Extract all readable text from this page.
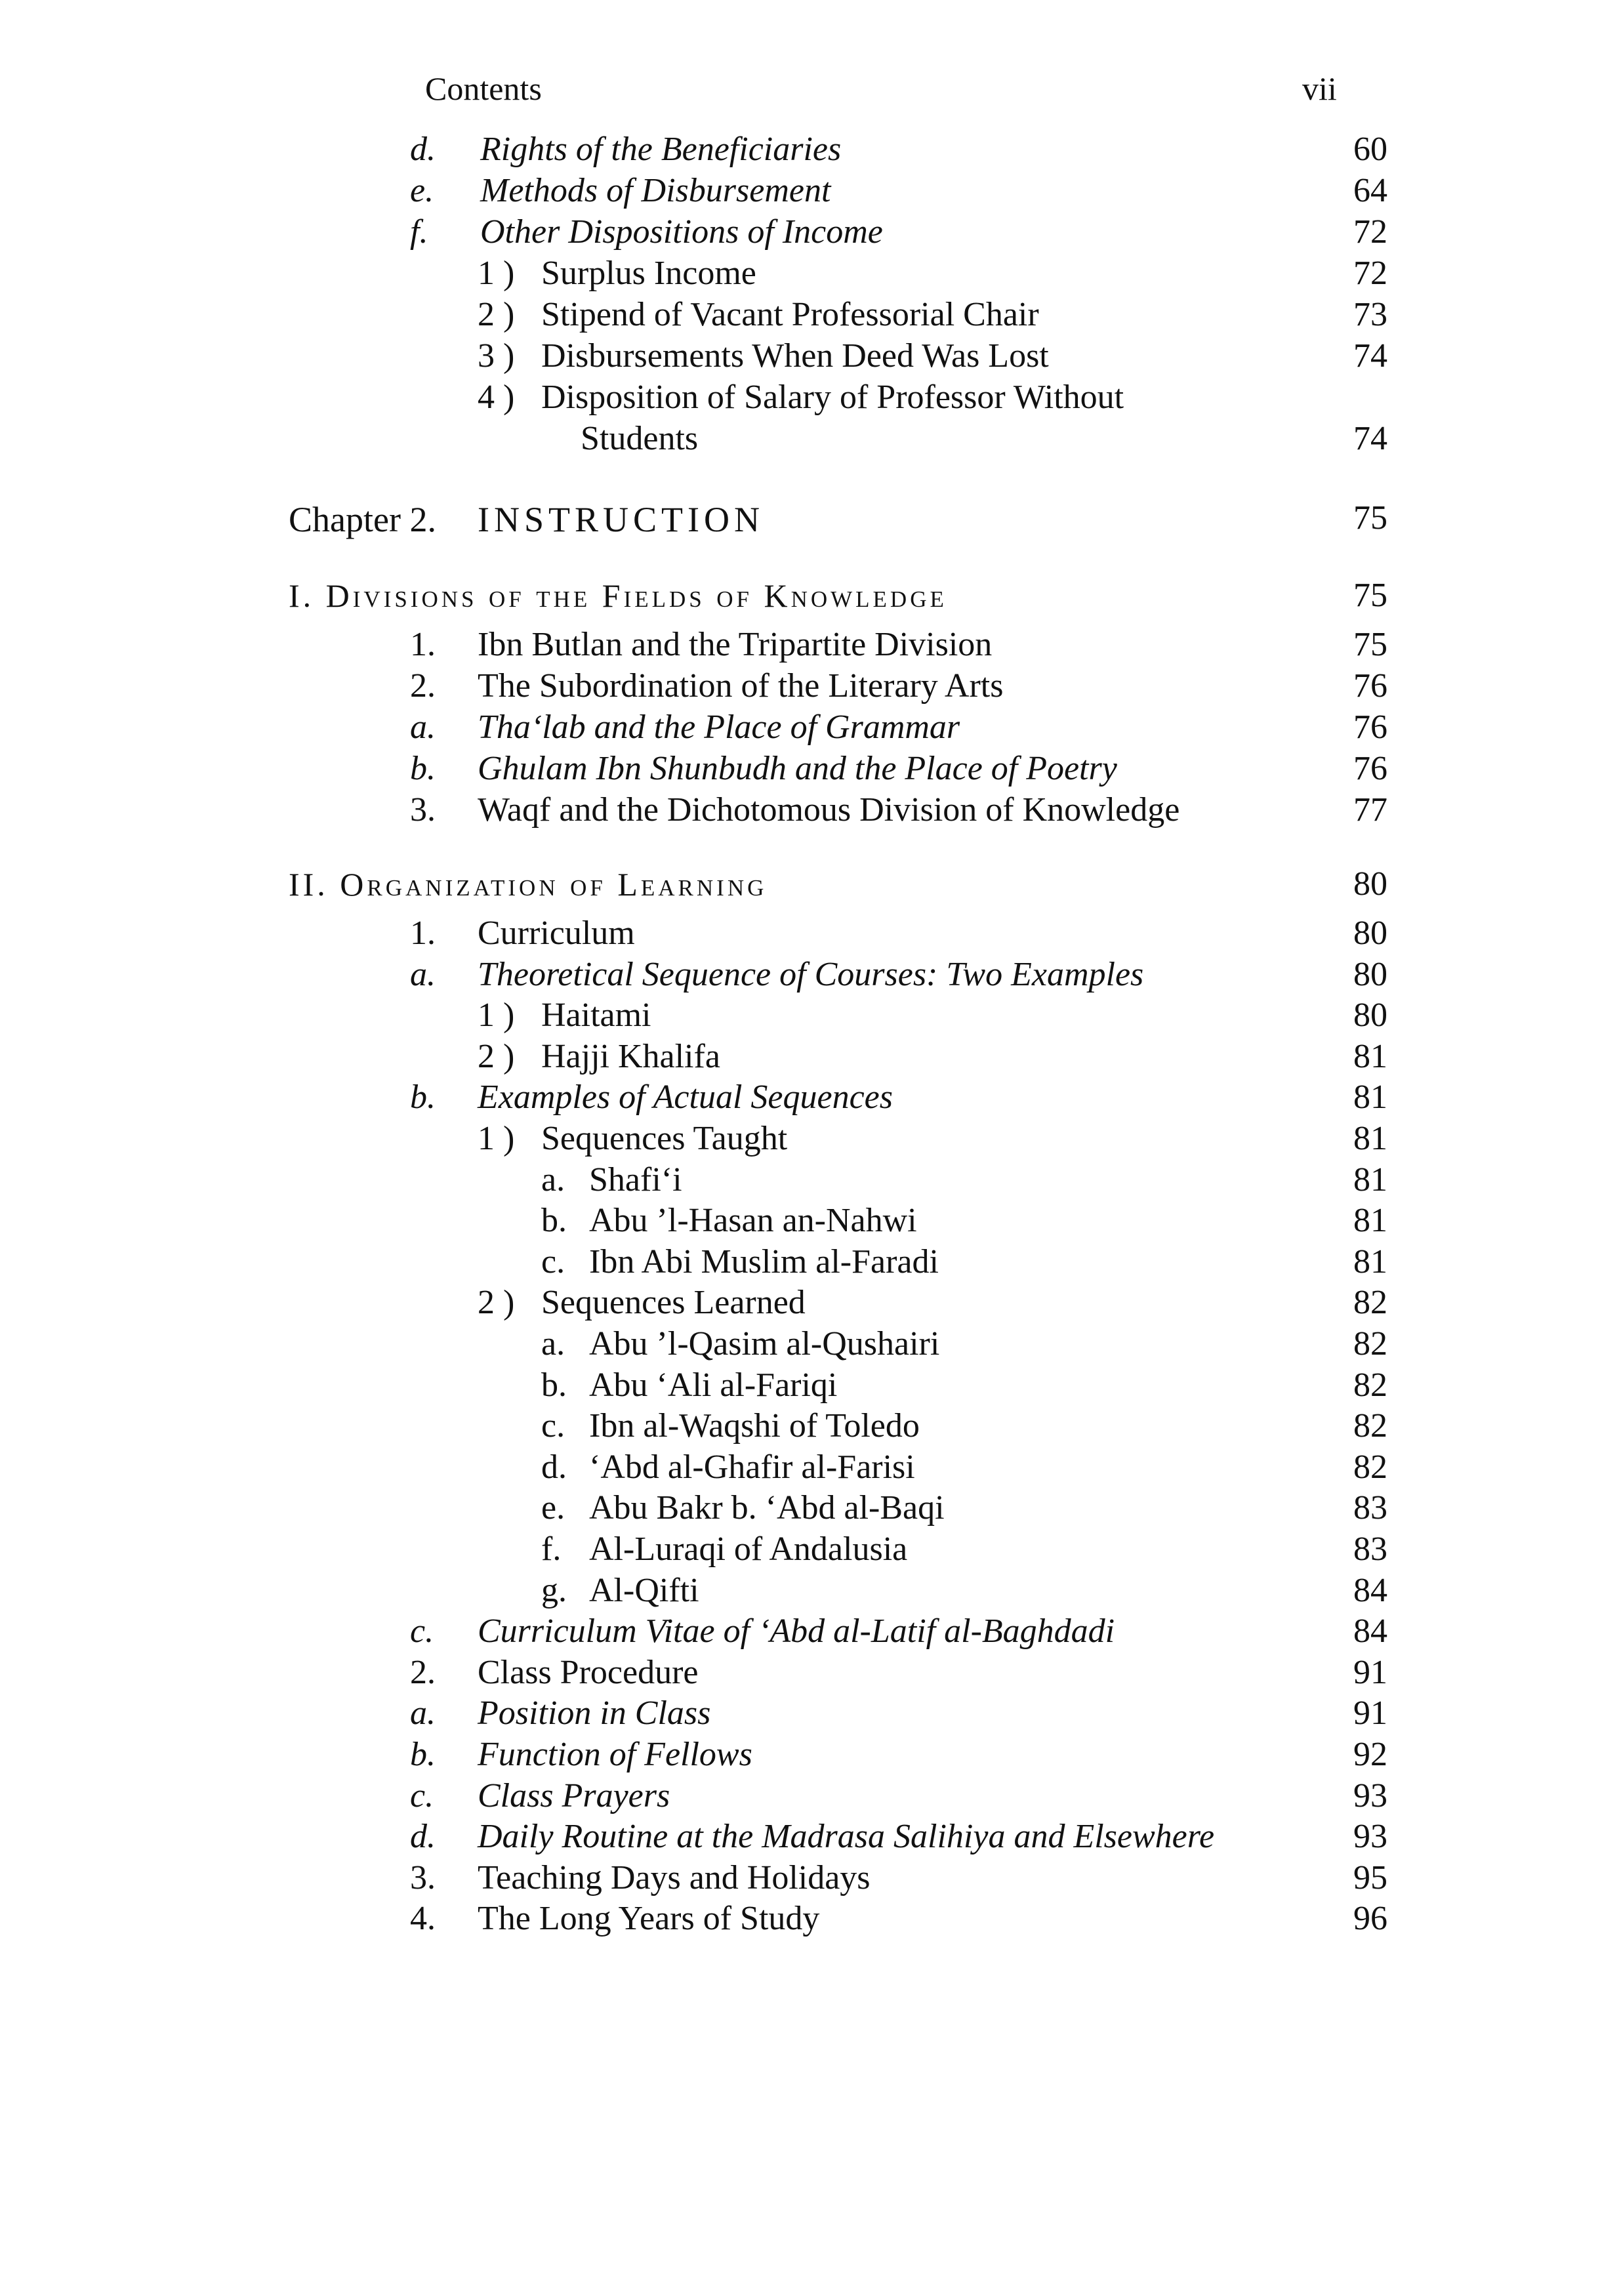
Contents	vii
d.	Rights of the Beneficiaries	60
e.	Methods of Disbursement	64
f.	Other Dispositions of Income	72
1 ) Surplus Income	72
2 ) Stipend of Vacant Professorial Chair	73
3 ) Disbursements When Deed Was Lost	74
4 ) Disposition of Salary of Professor Without
Students	74
Chapter 2. INSTRUCTION	75
I. Divisions of the Fields of Knowledge	75
1.	Ibn Butlan and the Tripartite Division	75
2.	The Subordination of the Literary Arts	76
a.	Tha‘lab and the Place of Grammar	76
b.	Ghulam Ibn Shunbudh and the Place of Poetry	76
3.	Waqf and the Dichotomous Division of Knowledge	77
II. Organization of Learning	80
1.	Curriculum	80
a.	Theoretical Sequence of Courses: Two Examples	80
1 ) Haitami	80
2 ) Hajji Khalifa	81
b.	Examples of Actual Sequences	81
1 ) Sequences Taught	81
a. Shafi‘i	81
b. Abu ’l-Hasan an-Nahwi	81
c. Ibn Abi Muslim al-Faradi	81
2 ) Sequences Learned	82
a. Abu ’l-Qasim al-Qushairi	82
b. Abu ‘Ali al-Fariqi	82
c. Ibn al-Waqshi of Toledo	82
d. ‘Abd al-Ghafir al-Farisi	82
e. Abu Bakr b. ‘Abd al-Baqi	83
f. Al-Luraqi of Andalusia	83
g. Al-Qifti	84
c.	Curriculum Vitae of ‘Abd al-Latif al-Baghdadi	84
2.	Class Procedure	91
a.	Position in Class	91
b.	Function of Fellows	92
c.	Class Prayers	93
d.	Daily Routine at the Madrasa Salihiya and Elsewhere	93
3.	Teaching Days and Holidays	95
4.	The Long Years of Study	96
